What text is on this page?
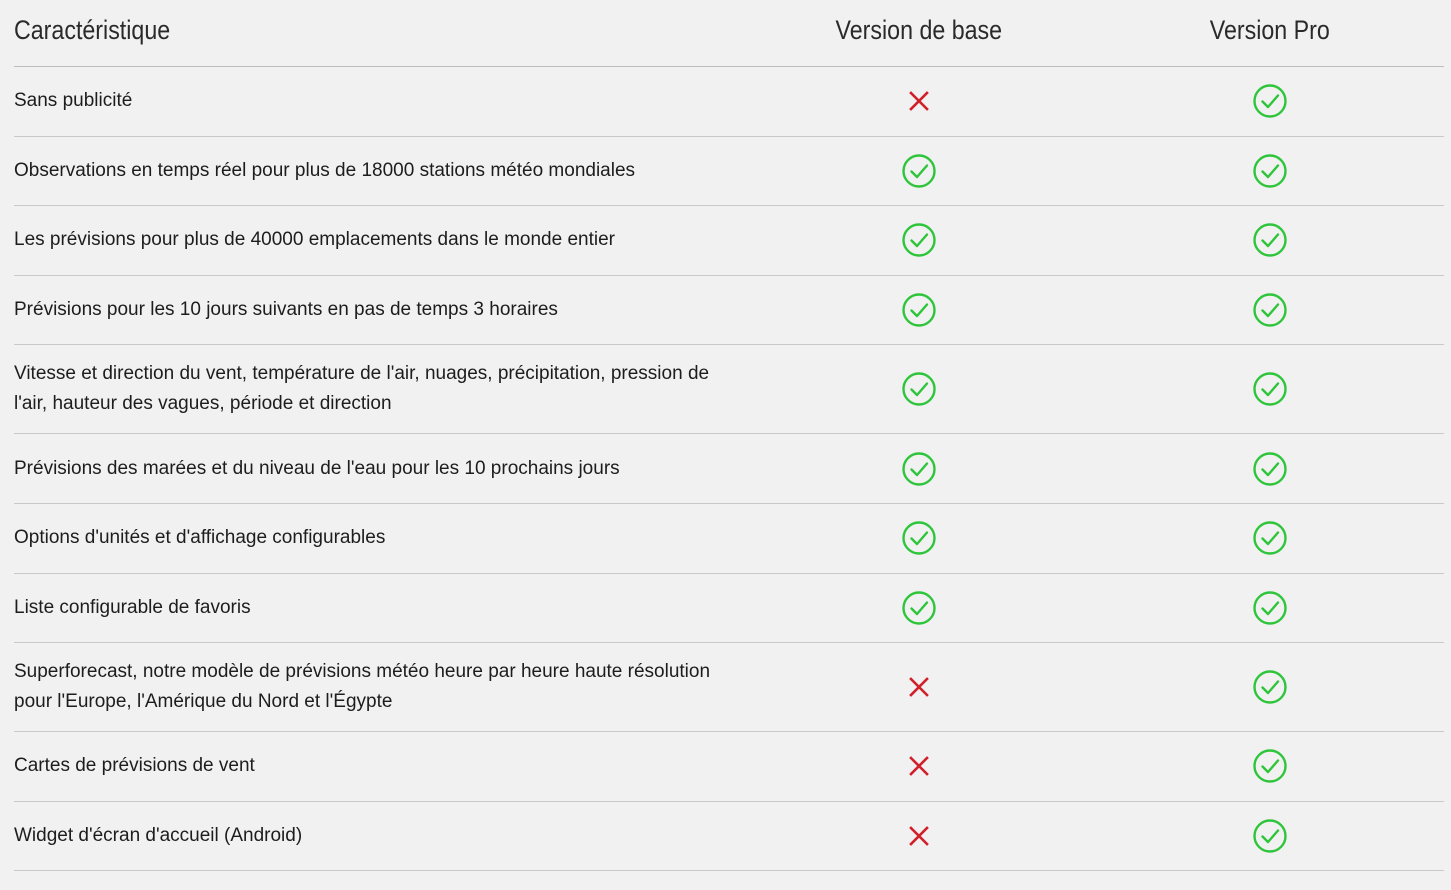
Caractéristique	Version de base	Version Pro
Sans publicité
Observations en temps réel pour plus de 18000 stations météo mondiales
Les prévisions pour plus de 40000 emplacements dans le monde entier
Prévisions pour les 10 jours suivants en pas de temps 3 horaires
Vitesse et direction du vent, température de l'air, nuages, précipitation, pression de l'air, hauteur des vagues, période et direction
Prévisions des marées et du niveau de l'eau pour les 10 prochains jours
Options d'unités et d'affichage configurables
Liste configurable de favoris
Superforecast, notre modèle de prévisions météo heure par heure haute résolution pour l'Europe, l'Amérique du Nord et l'Égypte
Cartes de prévisions de vent
Widget d'écran d'accueil (Android)
